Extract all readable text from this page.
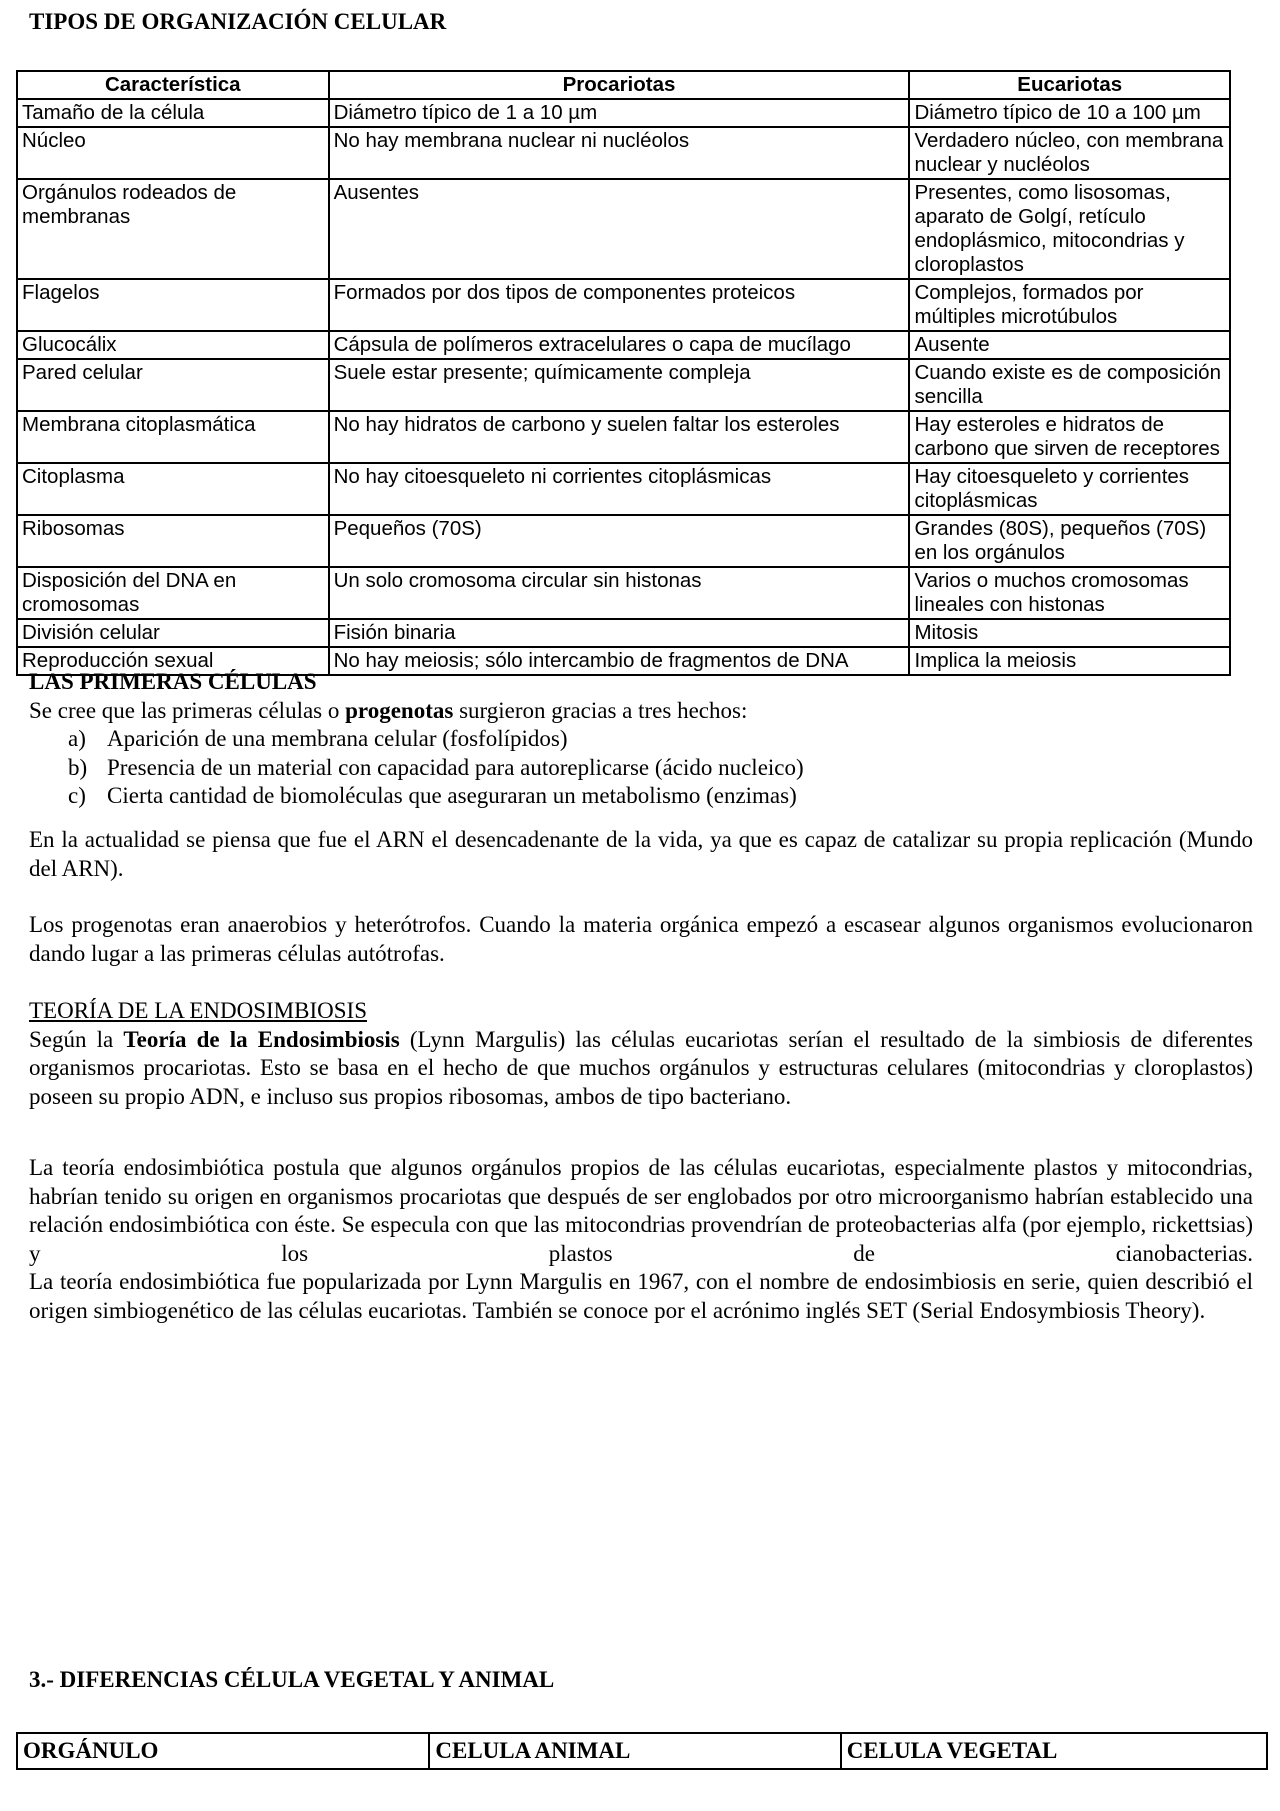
TIPOS DE ORGANIZACIÓN CELULAR
Característica	Procariotas	Eucariotas
Tamaño de la célula	Diámetro típico de 1 a 10 µm	Diámetro típico de 10 a 100 µm
Núcleo	No hay membrana nuclear ni nucléolos	Verdadero núcleo, con membrana nuclear y nucléolos
Orgánulos rodeados de membranas	Ausentes	Presentes, como lisosomas, aparato de Golgí, retículo endoplásmico, mitocondrias y cloroplastos
Flagelos	Formados por dos tipos de componentes proteicos	Complejos, formados por múltiples microtúbulos
Glucocálix	Cápsula de polímeros extracelulares o capa de mucílago	Ausente
Pared celular	Suele estar presente; químicamente compleja	Cuando existe es de composición sencilla
Membrana citoplasmática	No hay hidratos de carbono y suelen faltar los esteroles	Hay esteroles e hidratos de carbono que sirven de receptores
Citoplasma	No hay citoesqueleto ni corrientes citoplásmicas	Hay citoesqueleto y corrientes citoplásmicas
Ribosomas	Pequeños (70S)	Grandes (80S), pequeños (70S) en los orgánulos
Disposición del DNA en cromosomas	Un solo cromosoma circular sin histonas	Varios o muchos cromosomas lineales con histonas
División celular	Fisión binaria	Mitosis
Reproducción sexual	No hay meiosis; sólo intercambio de fragmentos de DNA	Implica la meiosis
LAS PRIMERAS CÉLULAS

Se cree que las primeras células o progenotas surgieron gracias a tres hechos:

a) Aparición de una membrana celular (fosfolípidos)
b) Presencia de un material con capacidad para autoreplicarse (ácido nucleico)
c) Cierta cantidad de biomoléculas que aseguraran un metabolismo (enzimas)

En la actualidad se piensa que fue el ARN el desencadenante de la vida, ya que es capaz de catalizar su propia replicación (Mundo del ARN).

Los progenotas eran anaerobios y heterótrofos. Cuando la materia orgánica empezó a escasear algunos organismos evolucionaron dando lugar a las primeras células autótrofas.

TEORÍA DE LA ENDOSIMBIOSIS

Según la Teoría de la Endosimbiosis (Lynn Margulis) las células eucariotas serían el resultado de la simbiosis de diferentes organismos procariotas. Esto se basa en el hecho de que muchos orgánulos y estructuras celulares (mitocondrias y cloroplastos) poseen su propio ADN, e incluso sus propios ribosomas, ambos de tipo bacteriano.

La teoría endosimbiótica postula que algunos orgánulos propios de las células eucariotas, especialmente plastos y mitocondrias, habrían tenido su origen en organismos procariotas que después de ser englobados por otro microorganismo habrían establecido una relación endosimbiótica con éste. Se especula con que las mitocondrias provendrían de proteobacterias alfa (por ejemplo, rickettsias) y los plastos de cianobacterias.

La teoría endosimbiótica fue popularizada por Lynn Margulis en 1967, con el nombre de endosimbiosis en serie, quien describió el origen simbiogenético de las células eucariotas. También se conoce por el acrónimo inglés SET (Serial Endosymbiosis Theory).

3.- DIFERENCIAS CÉLULA VEGETAL Y ANIMAL
ORGÁNULO	CELULA ANIMAL	CELULA VEGETAL
